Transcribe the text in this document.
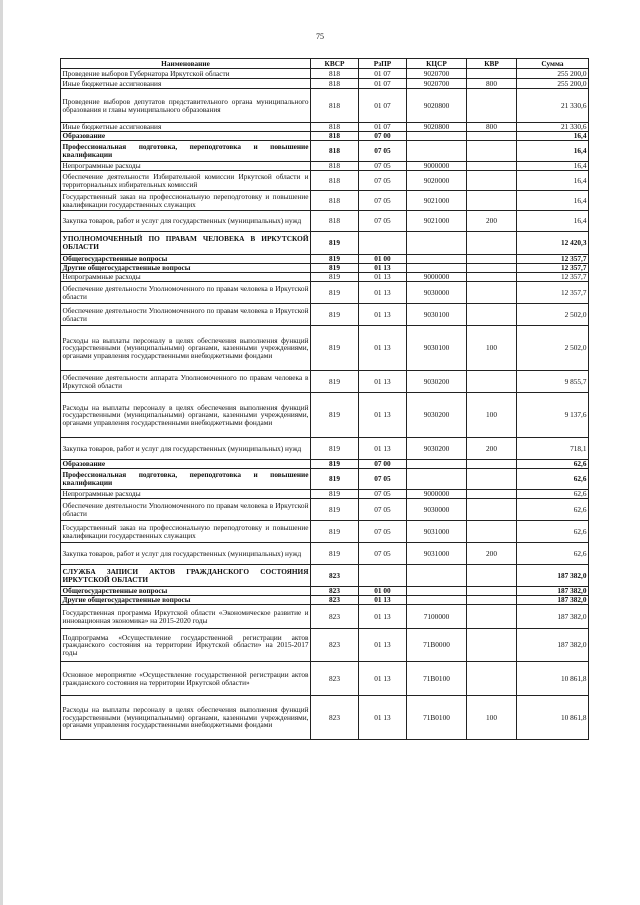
75
Наименование	КВСР	РзПР	КЦСР	КВР	Сумма
Проведение выборов Губернатора Иркутской области	818	01 07	9020700		255 200,0
Иные бюджетные ассигнования	818	01 07	9020700	800	255 200,0
Проведение выборов депутатов представительного органа муниципального образования и главы муниципального образования	818	01 07	9020800		21 330,6
Иные бюджетные ассигнования	818	01 07	9020800	800	21 330,6
Образование	818	07 00			16,4
Профессиональная подготовка, переподготовка и повышение квалификации	818	07 05			16,4
Непрограммные расходы	818	07 05	9000000		16,4
Обеспечение деятельности Избирательной комиссии Иркутской области и территориальных избирательных комиссий	818	07 05	9020000		16,4
Государственный заказ на профессиональную переподготовку и повышение квалификации государственных служащих	818	07 05	9021000		16,4
Закупка товаров, работ и услуг для государственных (муниципальных) нужд	818	07 05	9021000	200	16,4
УПОЛНОМОЧЕННЫЙ ПО ПРАВАМ ЧЕЛОВЕКА В ИРКУТСКОЙ ОБЛАСТИ	819				12 420,3
Общегосударственные вопросы	819	01 00			12 357,7
Другие общегосударственные вопросы	819	01 13			12 357,7
Непрограммные расходы	819	01 13	9000000		12 357,7
Обеспечение деятельности Уполномоченного по правам человека в Иркутской области	819	01 13	9030000		12 357,7
Обеспечение деятельности Уполномоченного по правам человека в Иркутской области	819	01 13	9030100		2 502,0
Расходы на выплаты персоналу в целях обеспечения выполнения функций государственными (муниципальными) органами, казенными учреждениями, органами управления государственными внебюджетными фондами	819	01 13	9030100	100	2 502,0
Обеспечение деятельности аппарата Уполномоченного по правам человека в Иркутской области	819	01 13	9030200		9 855,7
Расходы на выплаты персоналу в целях обеспечения выполнения функций государственными (муниципальными) органами, казенными учреждениями, органами управления государственными внебюджетными фондами	819	01 13	9030200	100	9 137,6
Закупка товаров, работ и услуг для государственных (муниципальных) нужд	819	01 13	9030200	200	718,1
Образование	819	07 00			62,6
Профессиональная подготовка, переподготовка и повышение квалификации	819	07 05			62,6
Непрограммные расходы	819	07 05	9000000		62,6
Обеспечение деятельности Уполномоченного по правам человека в Иркутской области	819	07 05	9030000		62,6
Государственный заказ на профессиональную переподготовку и повышение квалификации государственных служащих	819	07 05	9031000		62,6
Закупка товаров, работ и услуг для государственных (муниципальных) нужд	819	07 05	9031000	200	62,6
СЛУЖБА ЗАПИСИ АКТОВ ГРАЖДАНСКОГО СОСТОЯНИЯ ИРКУТСКОЙ ОБЛАСТИ	823				187 382,0
Общегосударственные вопросы	823	01 00			187 382,0
Другие общегосударственные вопросы	823	01 13			187 382,0
Государственная программа Иркутской области «Экономическое развитие и инновационная экономика» на 2015-2020 годы	823	01 13	7100000		187 382,0
Подпрограмма «Осуществление государственной регистрации актов гражданского состояния на территории Иркутской области» на 2015-2017 годы	823	01 13	71В0000		187 382,0
Основное мероприятие «Осуществление государственной регистрации актов гражданского состояния на территории Иркутской области»	823	01 13	71В0100		10 861,8
Расходы на выплаты персоналу в целях обеспечения выполнения функций государственными (муниципальными) органами, казенными учреждениями, органами управления государственными внебюджетными фондами	823	01 13	71В0100	100	10 861,8
